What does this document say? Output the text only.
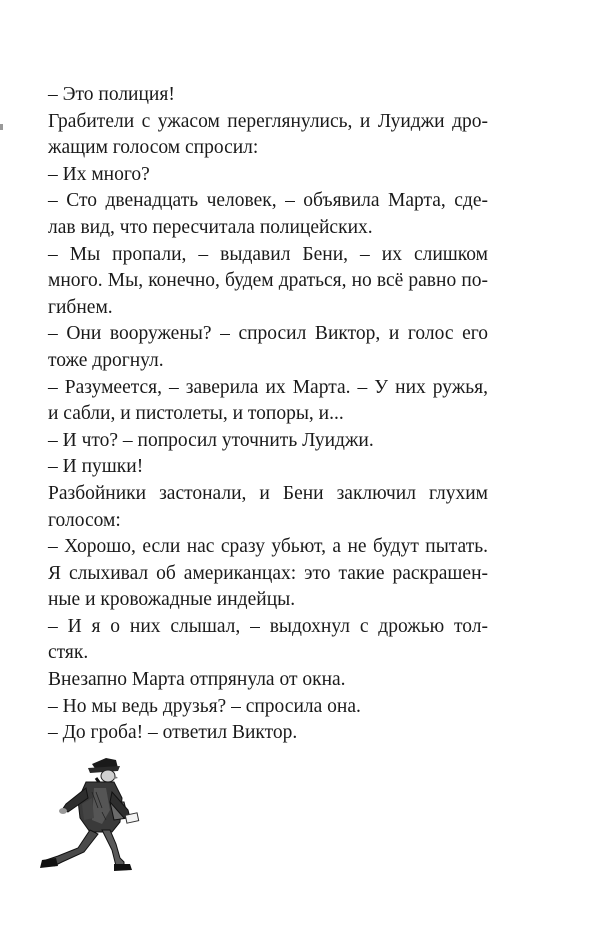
– Это полиция!
Грабители с ужасом переглянулись, и Луиджи дро-
жащим голосом спросил:
– Их много?
– Сто двенадцать человек, – объявила Марта, сде-
лав вид, что пересчитала полицейских.
– Мы пропали, – выдавил Бени, – их слишком
много. Мы, конечно, будем драться, но всё равно по-
гибнем.
– Они вооружены? – спросил Виктор, и голос его
тоже дрогнул.
– Разумеется, – заверила их Марта. – У них ружья,
и сабли, и пистолеты, и топоры, и...
– И что? – попросил уточнить Луиджи.
– И пушки!
Разбойники застонали, и Бени заключил глухим
голосом:
– Хорошо, если нас сразу убьют, а не будут пытать.
Я слыхивал об американцах: это такие раскрашен-
ные и кровожадные индейцы.
– И я о них слышал, – выдохнул с дрожью тол-
стяк.
Внезапно Марта отпрянула от окна.
– Но мы ведь друзья? – спросила она.
– До гроба! – ответил Виктор.
